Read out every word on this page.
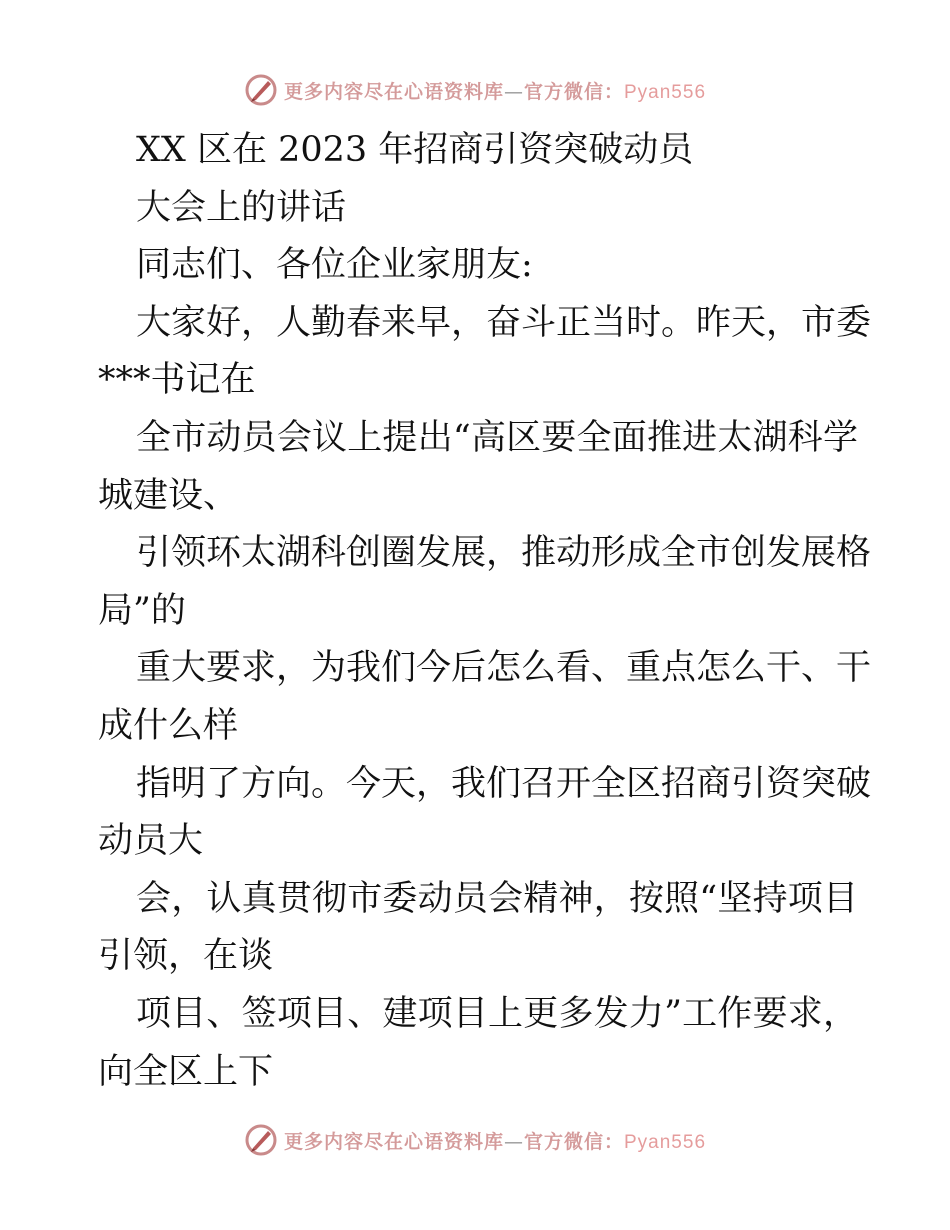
更多内容尽在心语资料库—官方微信：Pyan556
XX 区在 2023 年招商引资突破动员
大会上的讲话
同志们、各位企业家朋友:
大家好，人勤春来早，奋斗正当时。昨天，市委
***书记在
全市动员会议上提出“高区要全面推进太湖科学
城建设、
引领环太湖科创圈发展，推动形成全市创发展格
局”的
重大要求，为我们今后怎么看、重点怎么干、干
成什么样
指明了方向。今天，我们召开全区招商引资突破
动员大
会，认真贯彻市委动员会精神，按照“坚持项目
引领，在谈
项目、签项目、建项目上更多发力”工作要求，
向全区上下
更多内容尽在心语资料库—官方微信：Pyan556
